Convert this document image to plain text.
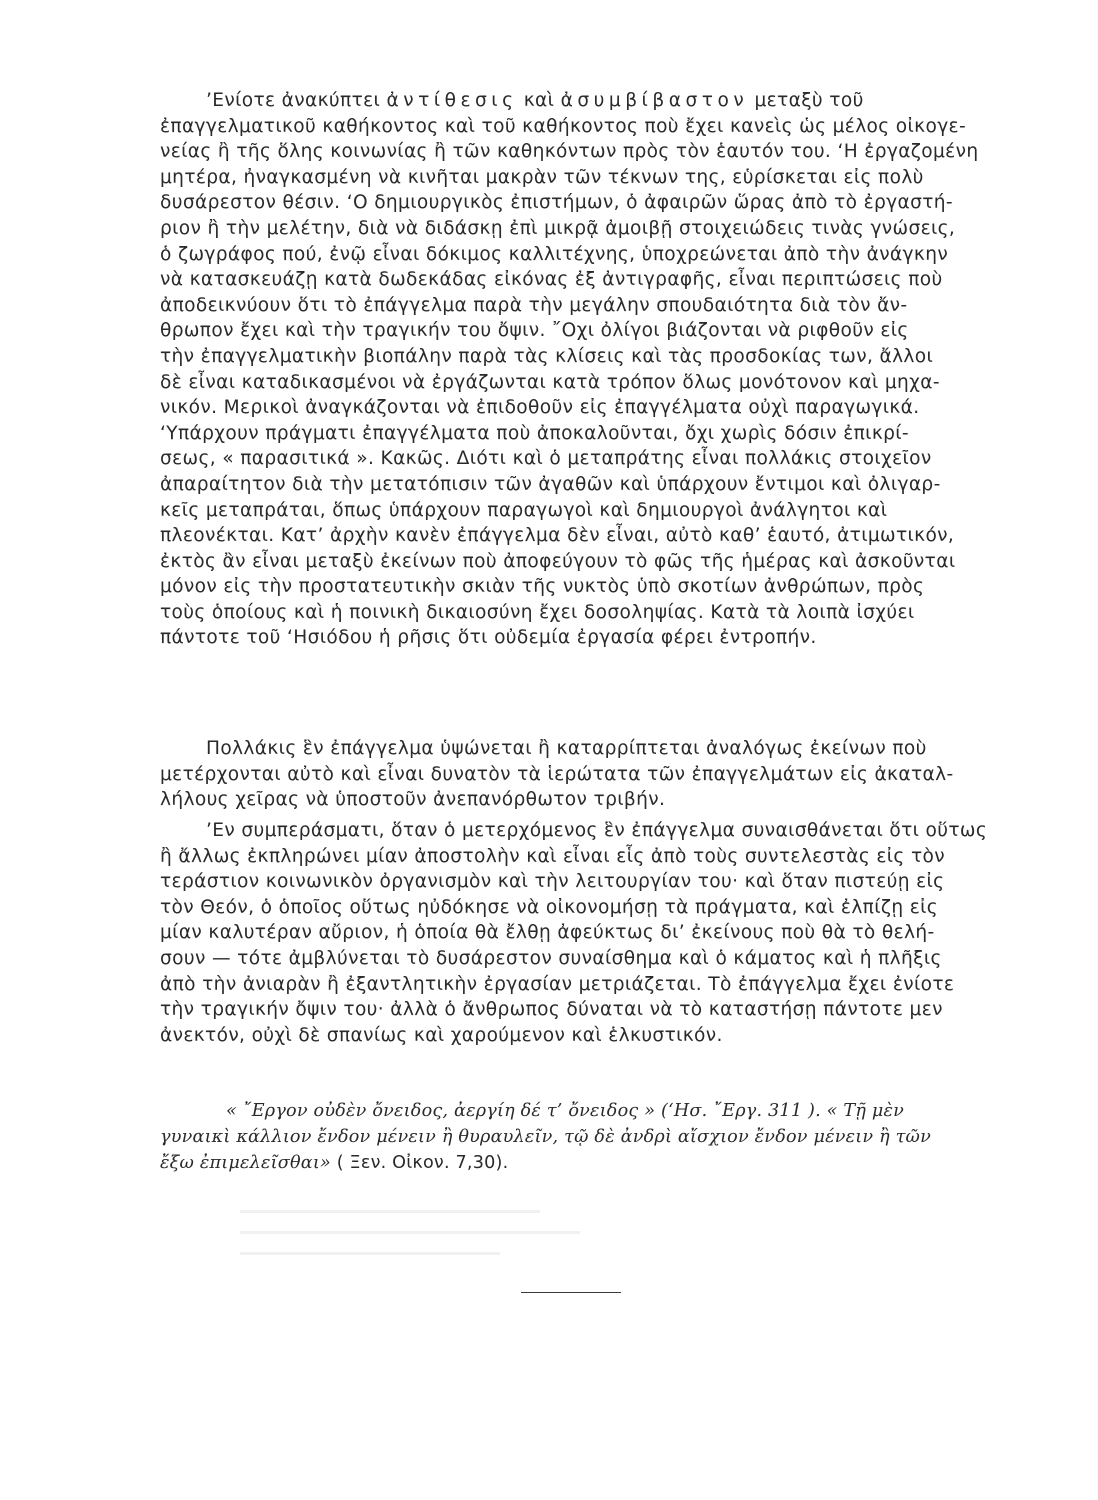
’Ενίοτε ἀνακύπτει ἀντίθεσις καὶ ἀσυμβίβαστον μεταξὺ τοῦ
ἐπαγγελματικοῦ καθήκοντος καὶ τοῦ καθήκοντος ποὺ ἔχει κανεὶς ὡς μέλος οἰκογε-
νείας ἢ τῆς ὅλης κοινωνίας ἢ τῶν καθηκόντων πρὸς τὸν ἑαυτόν του. ‘Η ἐργαζομένη
μητέρα, ἠναγκασμένη νὰ κινῆται μακρὰν τῶν τέκνων της, εὑρίσκεται εἰς πολὺ
δυσάρεστον θέσιν. ‘Ο δημιουργικὸς ἐπιστήμων, ὁ ἀφαιρῶν ὥρας ἀπὸ τὸ ἐργαστή-
ριον ἢ τὴν μελέτην, διὰ νὰ διδάσκῃ ἐπὶ μικρᾷ ἀμοιβῇ στοιχειώδεις τινὰς γνώσεις,
ὁ ζωγράφος πού, ἐνῷ εἶναι δόκιμος καλλιτέχνης, ὑποχρεώνεται ἀπὸ τὴν ἀνάγκην
νὰ κατασκευάζῃ κατὰ δωδεκάδας εἰκόνας ἐξ ἀντιγραφῆς, εἶναι περιπτώσεις ποὺ
ἀποδεικνύουν ὅτι τὸ ἐπάγγελμα παρὰ τὴν μεγάλην σπουδαιότητα διὰ τὸν ἄν-
θρωπον ἔχει καὶ τὴν τραγικήν του ὄψιν. ῎Οχι ὀλίγοι βιάζονται νὰ ριφθοῦν εἰς
τὴν ἐπαγγελματικὴν βιοπάλην παρὰ τὰς κλίσεις καὶ τὰς προσδοκίας των, ἄλλοι
δὲ εἶναι καταδικασμένοι νὰ ἐργάζωνται κατὰ τρόπον ὅλως μονότονον καὶ μηχα-
νικόν. Μερικοὶ ἀναγκάζονται νὰ ἐπιδοθοῦν εἰς ἐπαγγέλματα οὐχὶ παραγωγικά.
‘Υπάρχουν πράγματι ἐπαγγέλματα ποὺ ἀποκαλοῦνται, ὄχι χωρὶς δόσιν ἐπικρί-
σεως, « παρασιτικά ». Κακῶς. Διότι καὶ ὁ μεταπράτης εἶναι πολλάκις στοιχεῖον
ἀπαραίτητον διὰ τὴν μετατόπισιν τῶν ἀγαθῶν καὶ ὑπάρχουν ἔντιμοι καὶ ὀλιγαρ-
κεῖς μεταπράται, ὅπως ὑπάρχουν παραγωγοὶ καὶ δημιουργοὶ ἀνάλγητοι καὶ
πλεονέκται. Κατ’ ἀρχὴν κανὲν ἐπάγγελμα δὲν εἶναι, αὐτὸ καθ’ ἑαυτό, ἀτιμωτικόν,
ἐκτὸς ἂν εἶναι μεταξὺ ἐκείνων ποὺ ἀποφεύγουν τὸ φῶς τῆς ἡμέρας καὶ ἀσκοῦνται
μόνον εἰς τὴν προστατευτικὴν σκιὰν τῆς νυκτὸς ὑπὸ σκοτίων ἀνθρώπων, πρὸς
τοὺς ὁποίους καὶ ἡ ποινικὴ δικαιοσύνη ἔχει δοσοληψίας. Κατὰ τὰ λοιπὰ ἰσχύει
πάντοτε τοῦ ‘Ησιόδου ἡ ρῆσις ὅτι οὐδεμία ἐργασία φέρει ἐντροπήν.
Πολλάκις ἓν ἐπάγγελμα ὑψώνεται ἢ καταρρίπτεται ἀναλόγως ἐκείνων ποὺ
μετέρχονται αὐτὸ καὶ εἶναι δυνατὸν τὰ ἱερώτατα τῶν ἐπαγγελμάτων εἰς ἀκαταλ-
λήλους χεῖρας νὰ ὑποστοῦν ἀνεπανόρθωτον τριβήν.
’Εν συμπεράσματι, ὅταν ὁ μετερχόμενος ἓν ἐπάγγελμα συναισθάνεται ὅτι οὕτως
ἢ ἄλλως ἐκπληρώνει μίαν ἀποστολὴν καὶ εἶναι εἷς ἀπὸ τοὺς συντελεστὰς εἰς τὸν
τεράστιον κοινωνικὸν ὀργανισμὸν καὶ τὴν λειτουργίαν του· καὶ ὅταν πιστεύῃ εἰς
τὸν Θεόν, ὁ ὁποῖος οὕτως ηὐδόκησε νὰ οἰκονομήσῃ τὰ πράγματα, καὶ ἐλπίζῃ εἰς
μίαν καλυτέραν αὔριον, ἡ ὁποία θὰ ἔλθῃ ἀφεύκτως δι’ ἐκείνους ποὺ θὰ τὸ θελή-
σουν — τότε ἀμβλύνεται τὸ δυσάρεστον συναίσθημα καὶ ὁ κάματος καὶ ἡ πλῆξις
ἀπὸ τὴν ἀνιαρὰν ἢ ἐξαντλητικὴν ἐργασίαν μετριάζεται. Τὸ ἐπάγγελμα ἔχει ἐνίοτε
τὴν τραγικήν ὄψιν του· ἀλλὰ ὁ ἄνθρωπος δύναται νὰ τὸ καταστήσῃ πάντοτε μεν
ἀνεκτόν, οὐχὶ δὲ σπανίως καὶ χαρούμενον καὶ ἑλκυστικόν.
« ῎Εργον οὐδὲν ὄνειδος, ἀεργίη δέ τ’ ὄνειδος » (‘Ησ. ῎Εργ. 311 ). « Τῇ μὲν
γυναικὶ κάλλιον ἔνδον μένειν ἢ θυραυλεῖν, τῷ δὲ ἀνδρὶ αἴσχιον ἔνδον μένειν ἢ τῶν
ἔξω ἐπιμελεῖσθαι» ( Ξεν. Οἰκον. 7,30).
